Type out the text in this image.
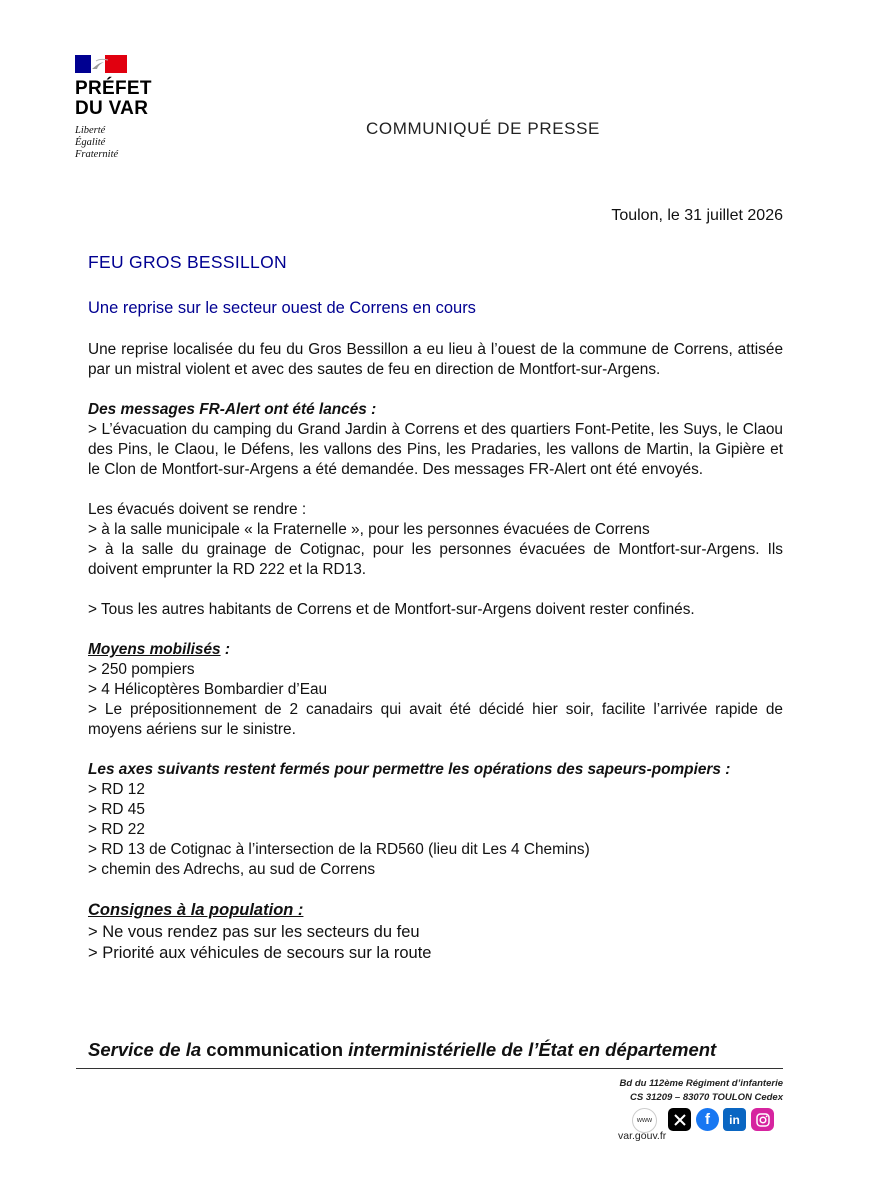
PRÉFET
DU VAR
Liberté
Égalité
Fraternité
COMMUNIQUÉ DE PRESSE
Toulon, le 31 juillet 2026
FEU GROS BESSILLON
Une reprise sur le secteur ouest de Correns en cours

Une reprise localisée du feu du Gros Bessillon a eu lieu à l’ouest de la commune de Correns, attisée par un mistral violent et avec des sautes de feu en direction de Montfort-sur-Argens.

Des messages FR-Alert ont été lancés :

> L’évacuation du camping du Grand Jardin à Correns et des quartiers Font-Petite, les Suys, le Claou des Pins, le Claou, le Défens, les vallons des Pins, les Pradaries, les vallons de Martin, la Gipière et le Clon de Montfort-sur-Argens a été demandée. Des messages FR-Alert ont été envoyés.

Les évacués doivent se rendre :

> à la salle municipale « la Fraternelle », pour les personnes évacuées de Correns

> à la salle du grainage de Cotignac, pour les personnes évacuées de Montfort-sur-Argens. Ils doivent emprunter la RD 222 et la RD13.

> Tous les autres habitants de Correns et de Montfort-sur-Argens doivent rester confinés.

Moyens mobilisés :

> 250 pompiers

> 4 Hélicoptères Bombardier d’Eau

> Le prépositionnement de 2 canadairs qui avait été décidé hier soir, facilite l’arrivée rapide de moyens aériens sur le sinistre.

Les axes suivants restent fermés pour permettre les opérations des sapeurs-pompiers :

> RD 12

> RD 45

> RD 22

> RD 13 de Cotignac à l’intersection de la RD560 (lieu dit Les 4 Chemins)

> chemin des Adrechs, au sud de Correns

Consignes à la population :

> Ne vous rendez pas sur les secteurs du feu

> Priorité aux véhicules de secours sur la route

Service de la communication interministérielle de l’État en département
Bd du 112ème Régiment d’infanterie
CS 31209 – 83070 TOULON Cedex
www	f	in
var.gouv.fr
